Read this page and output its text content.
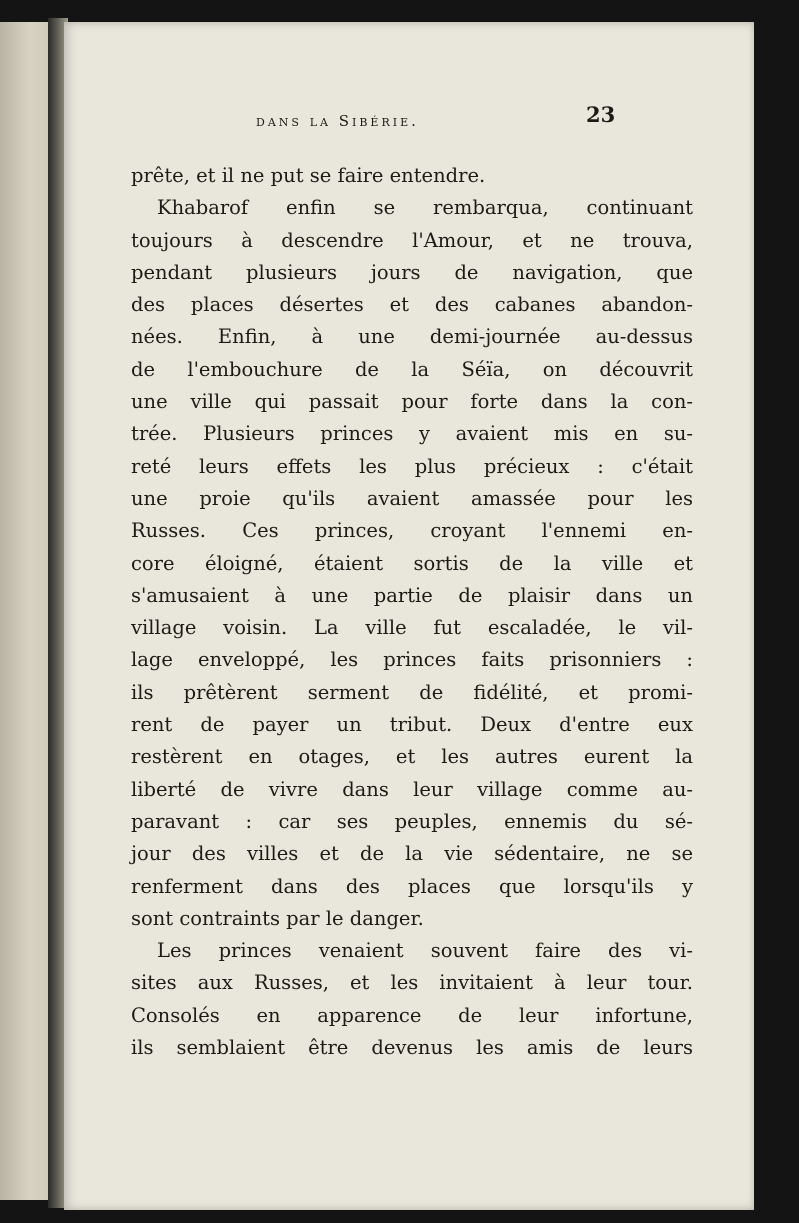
dans la Sibérie.	23
prête, et il ne put se faire entendre.
Khabarof enfin se rembarqua, continuant
toujours à descendre l'Amour, et ne trouva,
pendant plusieurs jours de navigation, que
des places désertes et des cabanes abandon-
nées. Enfin, à une demi-journée au-dessus
de l'embouchure de la Séïa, on découvrit
une ville qui passait pour forte dans la con-
trée. Plusieurs princes y avaient mis en su-
reté leurs effets les plus précieux : c'était
une proie qu'ils avaient amassée pour les
Russes. Ces princes, croyant l'ennemi en-
core éloigné, étaient sortis de la ville et
s'amusaient à une partie de plaisir dans un
village voisin. La ville fut escaladée, le vil-
lage enveloppé, les princes faits prisonniers :
ils prêtèrent serment de fidélité, et promi-
rent de payer un tribut. Deux d'entre eux
restèrent en otages, et les autres eurent la
liberté de vivre dans leur village comme au-
paravant : car ses peuples, ennemis du sé-
jour des villes et de la vie sédentaire, ne se
renferment dans des places que lorsqu'ils y
sont contraints par le danger.
Les princes venaient souvent faire des vi-
sites aux Russes, et les invitaient à leur tour.
Consolés en apparence de leur infortune,
ils semblaient être devenus les amis de leurs
